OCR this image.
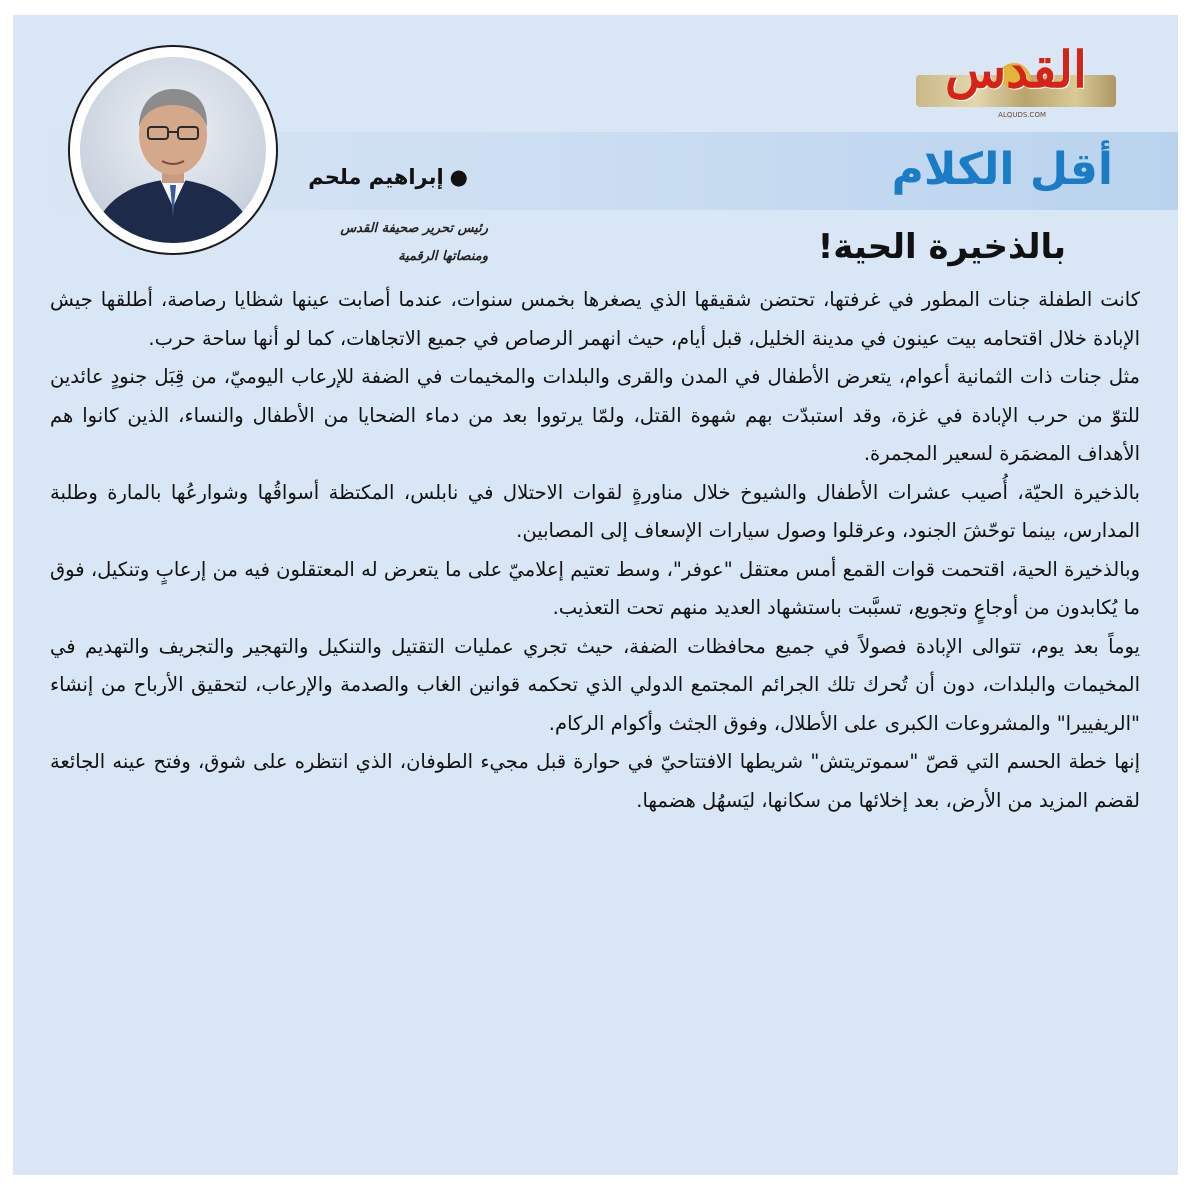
القدس
ALQUDS.COM
أقل الكلام
بالذخيرة الحية!

●إبراهيم ملحم

رئيس تحرير صحيفة القدس
ومنصاتها الرقمية

كانت الطفلة جنات المطور في غرفتها، تحتضن شقيقها الذي يصغرها بخمس سنوات، عندما أصابت عينها شظايا رصاصة، أطلقها جيش الإبادة خلال اقتحامه بيت عينون في مدينة الخليل، قبل أيام، حيث انهمر الرصاص في جميع الاتجاهات، كما لو أنها ساحة حرب.

مثل جنات ذات الثمانية أعوام، يتعرض الأطفال في المدن والقرى والبلدات والمخيمات في الضفة للإرعاب اليوميّ، من قِبَل جنودٍ عائدين للتوّ من حرب الإبادة في غزة، وقد استبدّت بهم شهوة القتل، ولمّا يرتووا بعد من دماء الضحايا من الأطفال والنساء، الذين كانوا هم الأهداف المضمَرة لسعير المجمرة.

بالذخيرة الحيّة، أُصيب عشرات الأطفال والشيوخ خلال مناورةٍ لقوات الاحتلال في نابلس، المكتظة أسواقُها وشوارعُها بالمارة وطلبة المدارس، بينما توحّشَ الجنود، وعرقلوا وصول سيارات الإسعاف إلى المصابين.

وبالذخيرة الحية، اقتحمت قوات القمع أمس معتقل "عوفر"، وسط تعتيم إعلاميّ على ما يتعرض له المعتقلون فيه من إرعابٍ وتنكيل، فوق ما يُكابدون من أوجاعٍ وتجويع، تسبَّبت باستشهاد العديد منهم تحت التعذيب.

يوماً بعد يوم، تتوالى الإبادة فصولاً في جميع محافظات الضفة، حيث تجري عمليات التقتيل والتنكيل والتهجير والتجريف والتهديم في المخيمات والبلدات، دون أن تُحرك تلك الجرائم المجتمع الدولي الذي تحكمه قوانين الغاب والصدمة والإرعاب، لتحقيق الأرباح من إنشاء "الريفييرا" والمشروعات الكبرى على الأطلال، وفوق الجثث وأكوام الركام.

إنها خطة الحسم التي قصّ "سموتريتش" شريطها الافتتاحيّ في حوارة قبل مجيء الطوفان، الذي انتظره على شوق، وفتح عينه الجائعة لقضم المزيد من الأرض، بعد إخلائها من سكانها، ليَسهُل هضمها.
